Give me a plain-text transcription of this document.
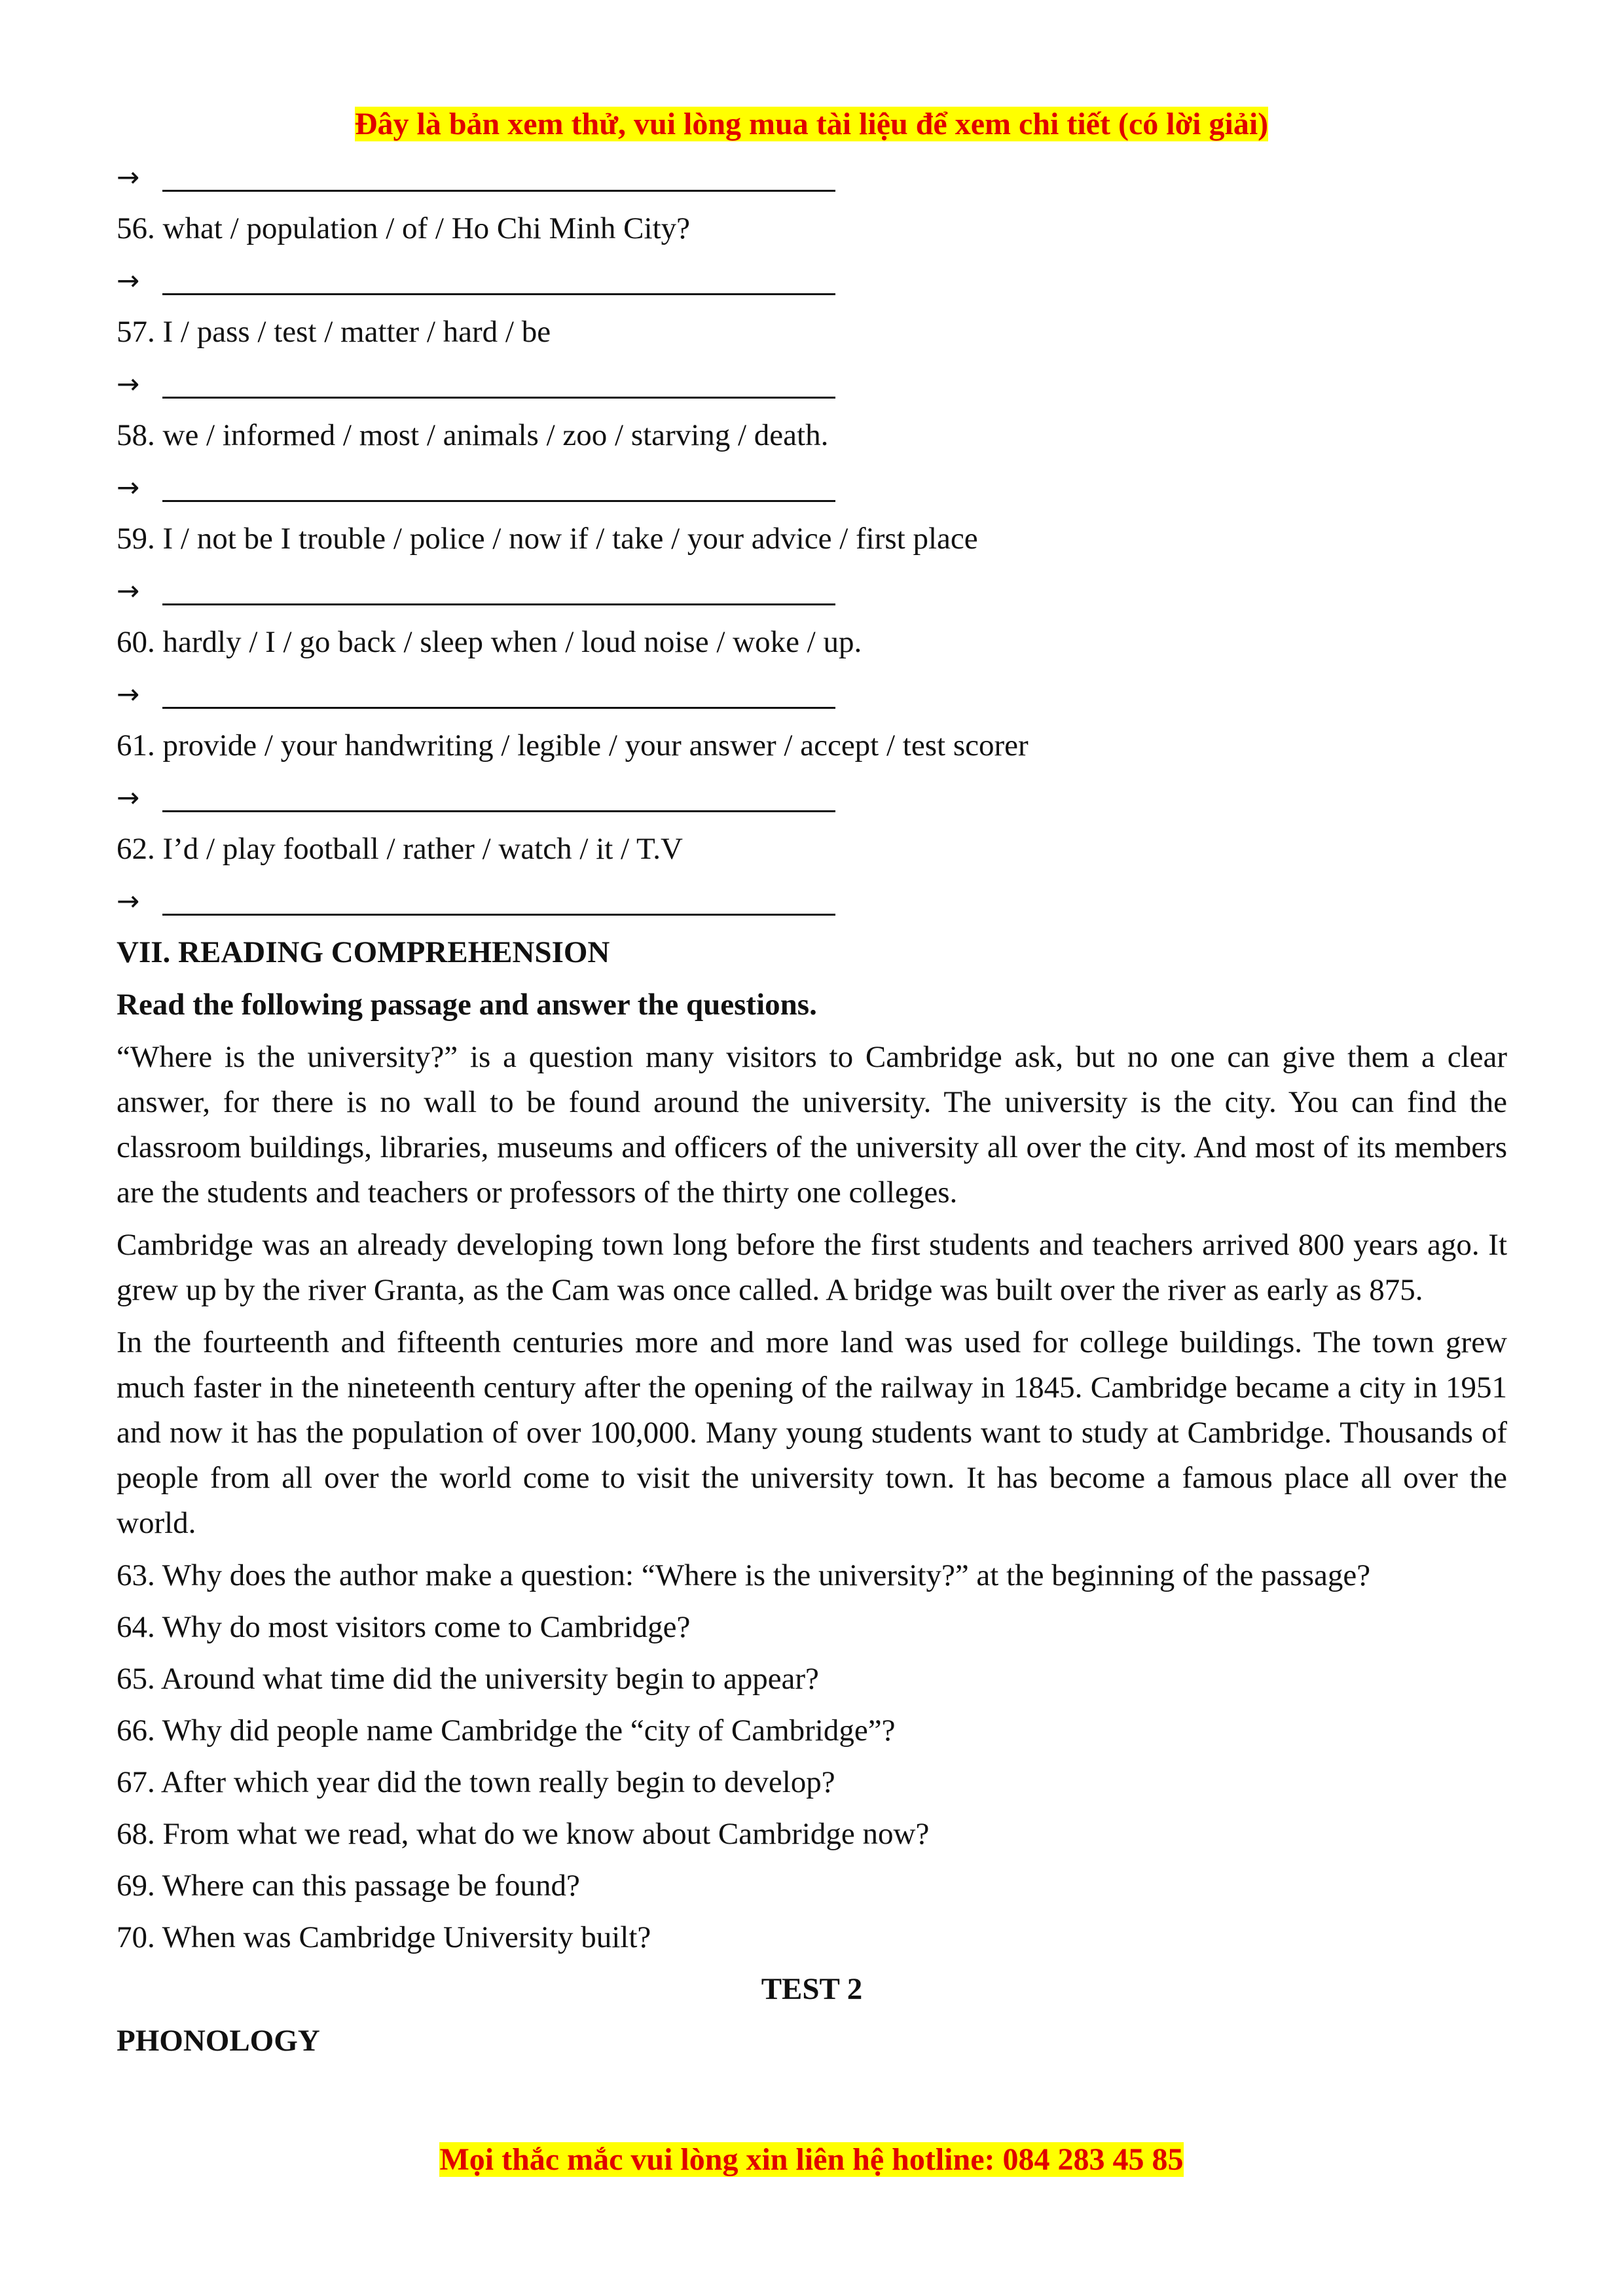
Đây là bản xem thử, vui lòng mua tài liệu để xem chi tiết (có lời giải)
→

56. what / population / of / Ho Chi Minh City?

→

57. I / pass / test / matter / hard / be

→

58. we / informed / most / animals / zoo / starving / death.

→

59. I / not be I trouble / police / now if / take / your advice / first place

→

60. hardly / I / go back / sleep when / loud noise / woke / up.

→

61. provide / your handwriting / legible / your answer / accept / test scorer

→

62. I’d / play football / rather / watch / it / T.V

→

VII. READING COMPREHENSION

Read the following passage and answer the questions.

“Where is the university?” is a question many visitors to Cambridge ask, but no one can give them a clear answer, for there is no wall to be found around the university. The university is the city. You can find the classroom buildings, libraries, museums and officers of the university all over the city. And most of its members are the students and teachers or professors of the thirty one colleges.

Cambridge was an already developing town long before the first students and teachers arrived 800 years ago. It grew up by the river Granta, as the Cam was once called. A bridge was built over the river as early as 875.

In the fourteenth and fifteenth centuries more and more land was used for college buildings. The town grew much faster in the nineteenth century after the opening of the railway in 1845. Cambridge became a city in 1951 and now it has the population of over 100,000. Many young students want to study at Cambridge. Thousands of people from all over the world come to visit the university town. It has become a famous place all over the world.

63. Why does the author make a question: “Where is the university?” at the beginning of the passage?

64. Why do most visitors come to Cambridge?

65. Around what time did the university begin to appear?

66. Why did people name Cambridge the “city of Cambridge”?

67. After which year did the town really begin to develop?

68. From what we read, what do we know about Cambridge now?

69. Where can this passage be found?

70. When was Cambridge University built?

TEST 2

PHONOLOGY

Mọi thắc mắc vui lòng xin liên hệ hotline: 084 283 45 85
